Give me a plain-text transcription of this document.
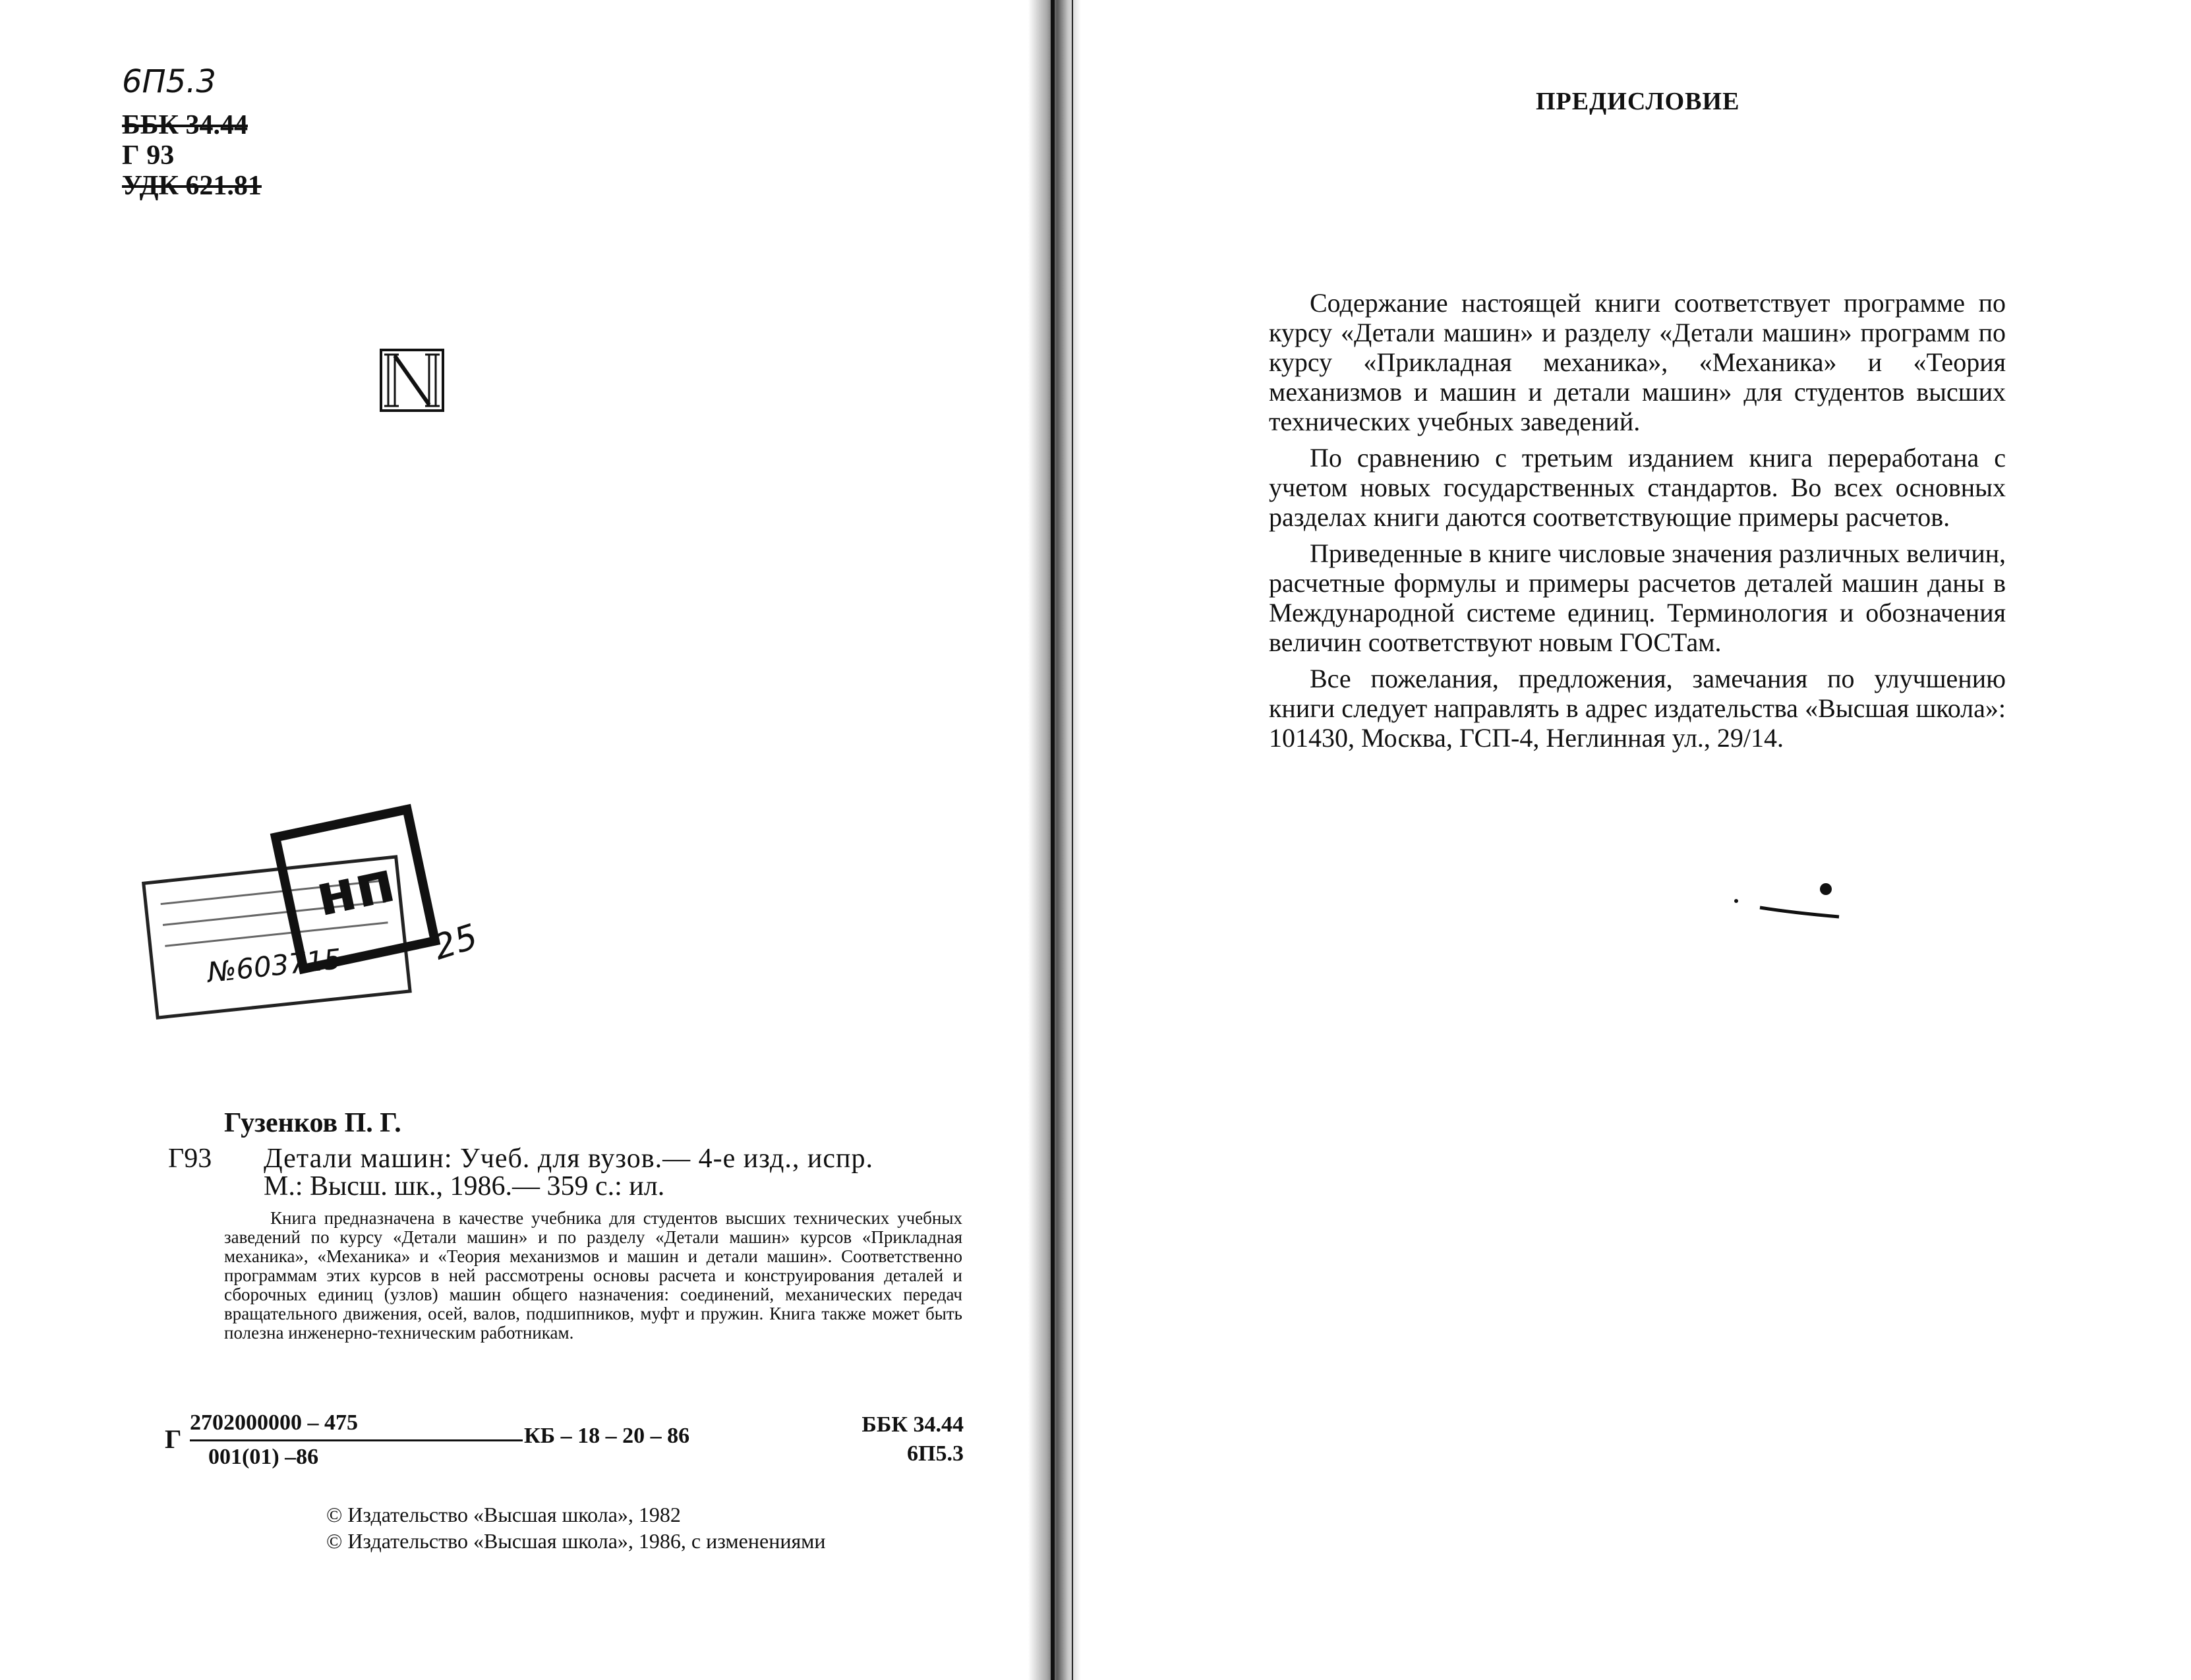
6П5.3
ББК 34.44
Г 93
УДК 621.81
№603715
нп
25
Гузенков П. Г.
Г93 Детали машин: Учеб. для вузов.— 4-е изд., испр.
М.: Высш. шк., 1986.— 359 с.: ил.

Книга предназначена в качестве учебника для студентов высших технических учебных заведений по курсу «Детали машин» и по разделу «Детали машин» курсов «Прикладная механика», «Механика» и «Теория механизмов и машин и детали машин». Соответственно программам этих курсов в ней рассмотрены основы расчета и конструирования деталей и сборочных единиц (узлов) машин общего назначения: соединений, механических передач вращательного движения, осей, валов, подшипников, муфт и пружин. Книга также может быть полезна инженерно-техническим работникам.

Г
2702000000 – 475
001(01) –86
КБ – 18 – 20 – 86	ББК 34.44
6П5.3
© Издательство «Высшая школа», 1982
© Издательство «Высшая школа», 1986, с изменениями
ПРЕДИСЛОВИЕ

Содержание настоящей книги соответствует программе по курсу «Детали машин» и разделу «Детали машин» программ по курсу «Прикладная механика», «Механика» и «Теория механизмов и машин и детали машин» для студентов высших технических учебных заведений.

По сравнению с третьим изданием книга переработана с учетом новых государственных стандартов. Во всех основных разделах книги даются соответствующие примеры расчетов.

Приведенные в книге числовые значения различных величин, расчетные формулы и примеры расчетов деталей машин даны в Международной системе единиц. Терминология и обозначения величин соответствуют новым ГОСТам.

Все пожелания, предложения, замечания по улучшению книги следует направлять в адрес издательства «Высшая школа»: 101430, Москва, ГСП-4, Неглинная ул., 29/14.
